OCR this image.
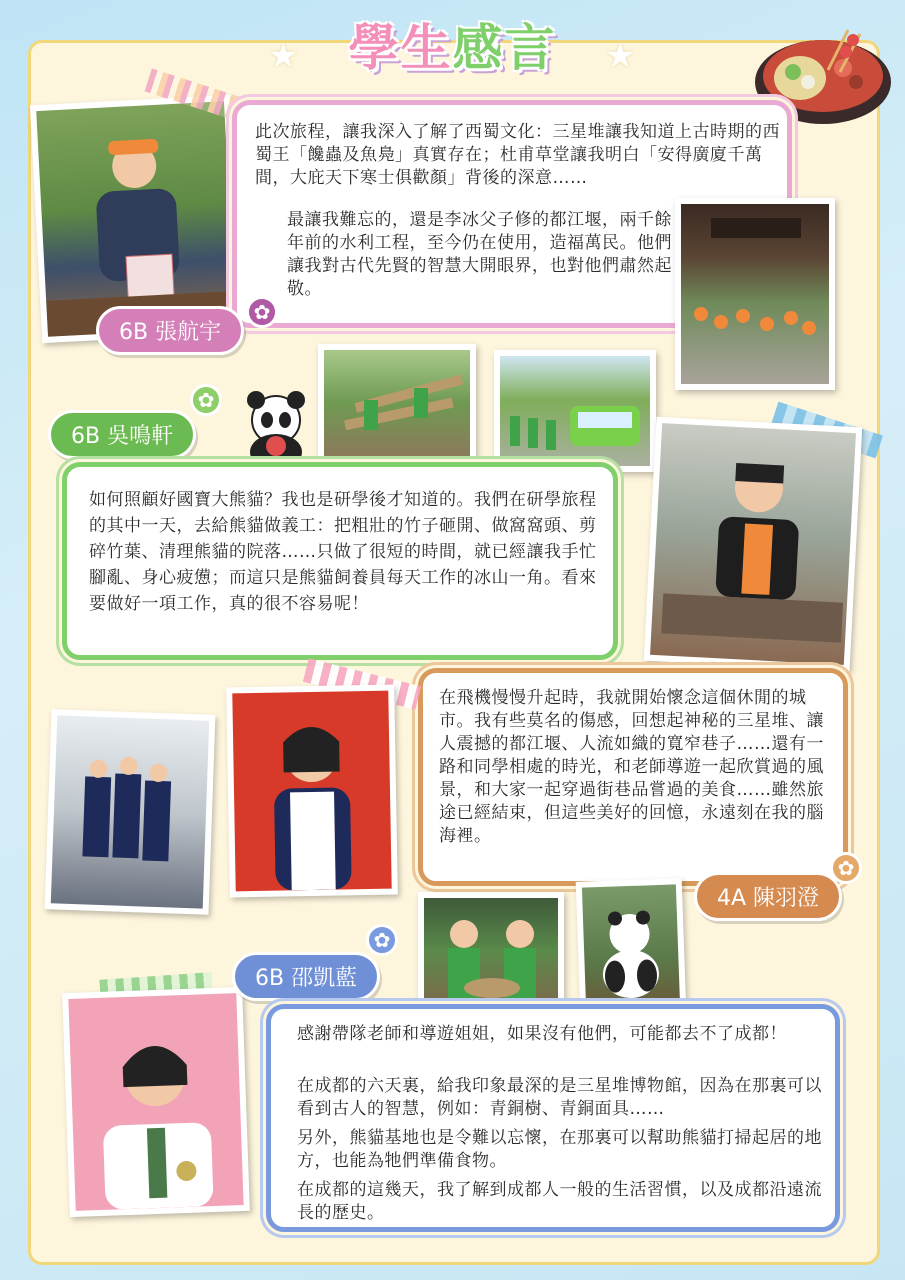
★	★
學生感言
此次旅程，讓我深入了解了西蜀文化：三星堆讓我知道上古時期的西蜀王「饞蟲及魚鳧」真實存在；杜甫草堂讓我明白「安得廣廈千萬間，大庇天下寒士俱歡顏」背後的深意……
最讓我難忘的，還是李冰父子修的都江堰，兩千餘年前的水利工程，至今仍在使用，造福萬民。他們讓我對古代先賢的智慧大開眼界，也對他們肅然起敬。
6B 張航宇
✿
6B 吳鳴軒
✿
如何照顧好國寶大熊貓？我也是研學後才知道的。我們在研學旅程的其中一天，去給熊貓做義工：把粗壯的竹子砸開、做窩窩頭、剪碎竹葉、清理熊貓的院落……只做了很短的時間，就已經讓我手忙腳亂、身心疲憊；而這只是熊貓飼養員每天工作的冰山一角。看來要做好一項工作，真的很不容易呢！
在飛機慢慢升起時，我就開始懷念這個休閒的城市。我有些莫名的傷感，回想起神秘的三星堆、讓人震撼的都江堰、人流如織的寬窄巷子……還有一路和同學相處的時光，和老師導遊一起欣賞過的風景，和大家一起穿過街巷品嘗過的美食……雖然旅途已經結束，但這些美好的回憶，永遠刻在我的腦海裡。
4A 陳羽澄
✿
6B 邵凱藍
✿
感謝帶隊老師和導遊姐姐，如果沒有他們，可能都去不了成都！
在成都的六天裏，給我印象最深的是三星堆博物館，因為在那裏可以看到古人的智慧，例如：青銅樹、青銅面具……
另外，熊貓基地也是令難以忘懷，在那裏可以幫助熊貓打掃起居的地方，也能為牠們準備食物。
在成都的這幾天，我了解到成都人一般的生活習慣，以及成都沿遠流長的歷史。
